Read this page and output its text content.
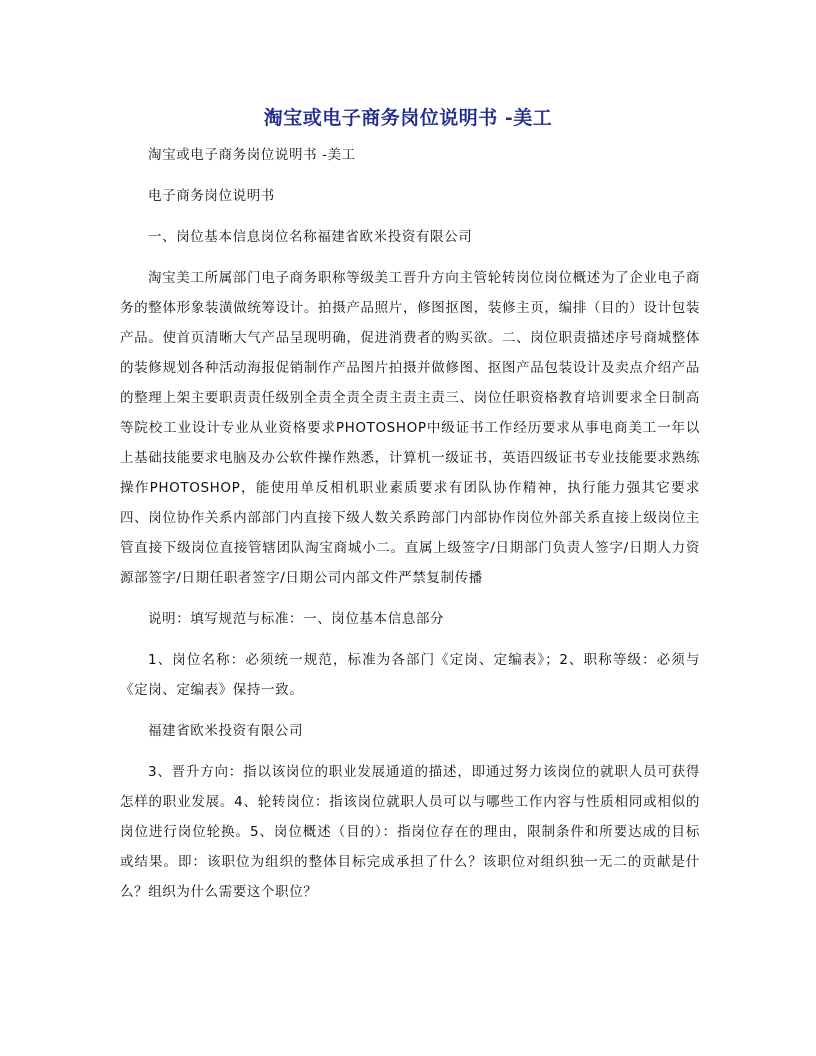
淘宝或电子商务岗位说明书 -美工

淘宝或电子商务岗位说明书 -美工

电子商务岗位说明书

一、岗位基本信息岗位名称福建省欧米投资有限公司

淘宝美工所属部门电子商务职称等级美工晋升方向主管轮转岗位岗位概述为了企业电子商务的整体形象装潢做统筹设计。拍摄产品照片，修图抠图，装修主页，编排（目的）设计包装产品。使首页清晰大气产品呈现明确，促进消费者的购买欲。二、岗位职责描述序号商城整体的装修规划各种活动海报促销制作产品图片拍摄并做修图、抠图产品包装设计及卖点介绍产品的整理上架主要职责责任级别全责全责全责主责主责三、岗位任职资格教育培训要求全日制高等院校工业设计专业从业资格要求PHOTOSHOP中级证书工作经历要求从事电商美工一年以上基础技能要求电脑及办公软件操作熟悉，计算机一级证书，英语四级证书专业技能要求熟练操作PHOTOSHOP，能使用单反相机职业素质要求有团队协作精神，执行能力强其它要求四、岗位协作关系内部部门内直接下级人数关系跨部门内部协作岗位外部关系直接上级岗位主管直接下级岗位直接管辖团队淘宝商城小二。直属上级签字/日期部门负责人签字/日期人力资源部签字/日期任职者签字/日期公司内部文件严禁复制传播

说明：填写规范与标准：一、岗位基本信息部分

1、岗位名称：必须统一规范，标准为各部门《定岗、定编表》；2、职称等级：必须与《定岗、定编表》保持一致。

福建省欧米投资有限公司

3、晋升方向：指以该岗位的职业发展通道的描述，即通过努力该岗位的就职人员可获得怎样的职业发展。4、轮转岗位：指该岗位就职人员可以与哪些工作内容与性质相同或相似的岗位进行岗位轮换。5、岗位概述（目的）：指岗位存在的理由，限制条件和所要达成的目标或结果。即：该职位为组织的整体目标完成承担了什么？该职位对组织独一无二的贡献是什么？组织为什么需要这个职位？
